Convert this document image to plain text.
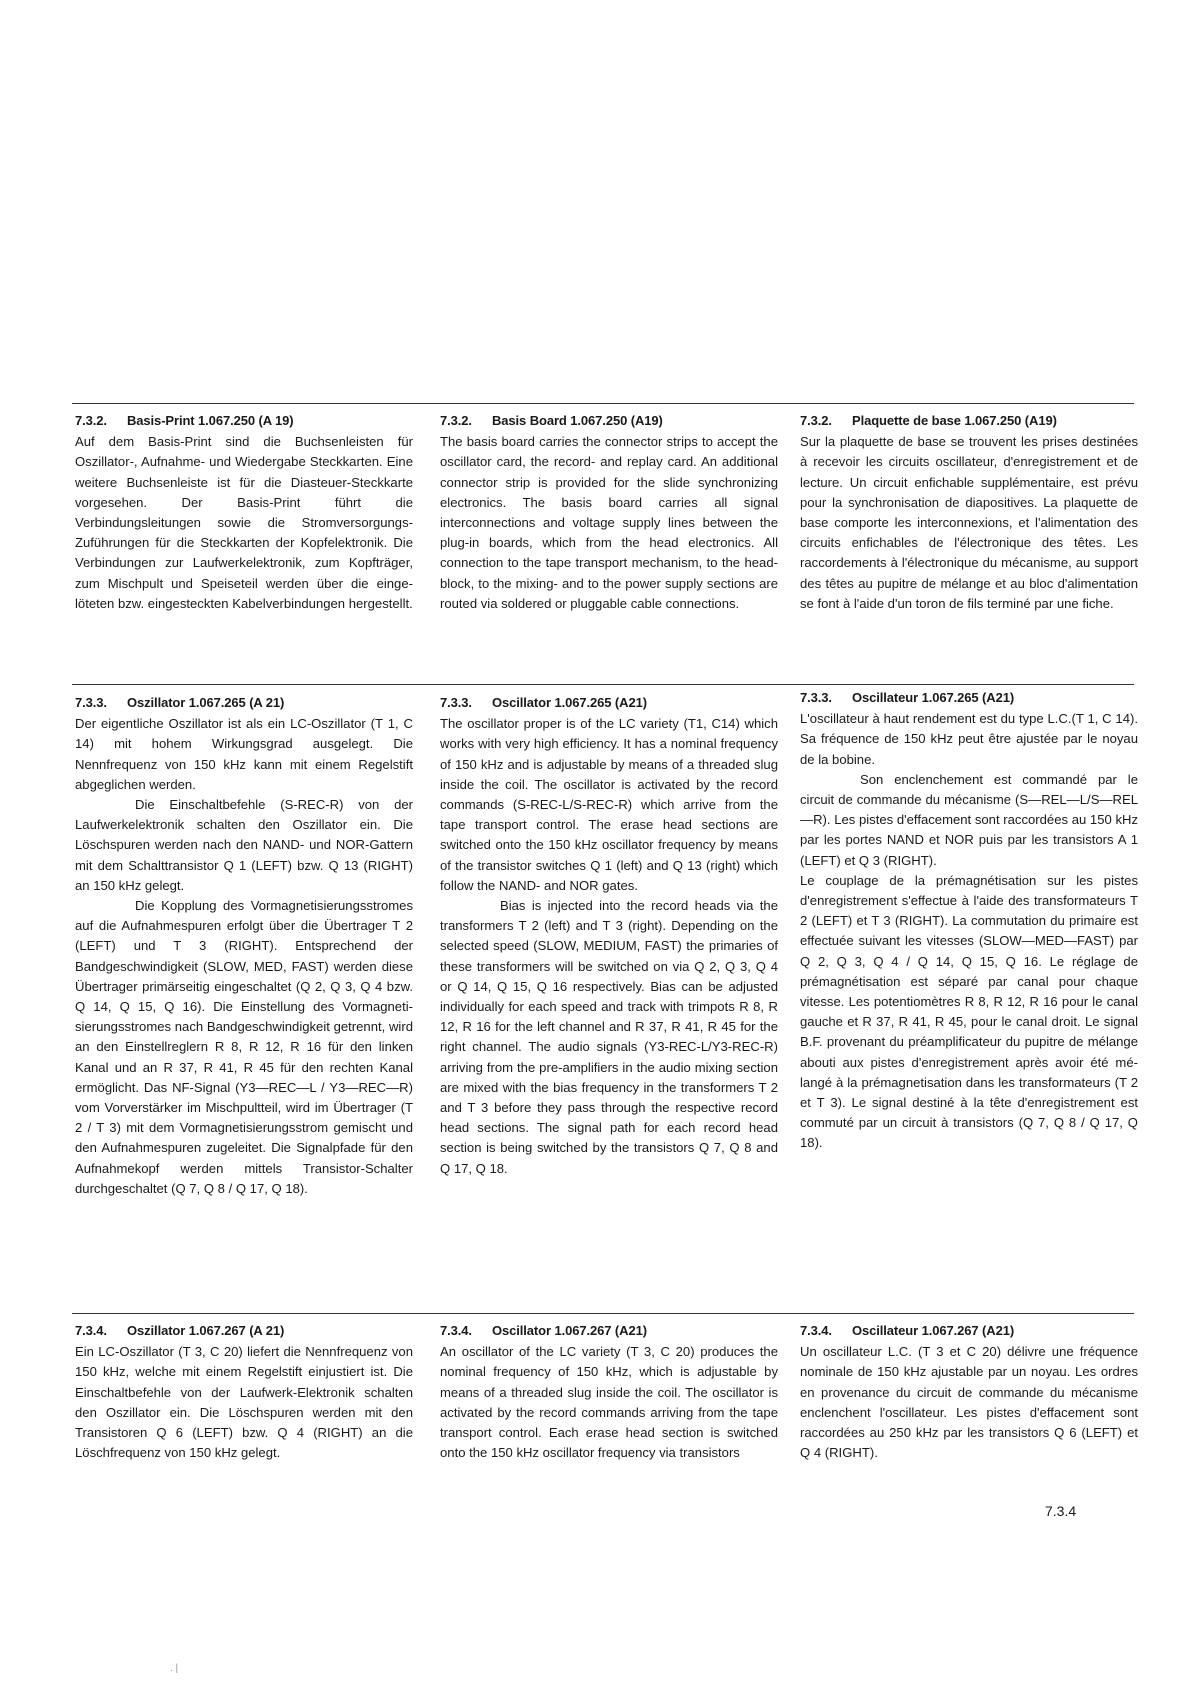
7.3.2. Basis-Print 1.067.250 (A 19)

Auf dem Basis-Print sind die Buchsenleisten für Oszillator-, Aufnahme- und Wiedergabe Steckkarten. Eine weitere Buchsenleiste ist für die Diasteuer-Steckkarte vorgesehen. Der Basis-Print führt die Verbindungsleitungen sowie die Stromversorgungs-Zuführungen für die Steckkarten der Kopfelektronik. Die Verbindungen zur Laufwerkelektronik, zum Kopfträger, zum Mischpult und Speiseteil werden über die eingelöteten bzw. eingesteckten Kabelverbindungen hergestellt.

7.3.2. Basis Board 1.067.250 (A19)

The basis board carries the connector strips to accept the oscillator card, the record- and replay card. An additional connector strip is provided for the slide synchronizing electronics. The basis board carries all signal interconnections and voltage supply lines between the plug-in boards, which from the head electronics. All connection to the tape transport mechanism, to the headblock, to the mixing- and to the power supply sections are routed via soldered or pluggable cable connections.

7.3.2. Plaquette de base 1.067.250 (A19)

Sur la plaquette de base se trouvent les prises destinées à recevoir les circuits oscillateur, d'enregistrement et de lecture. Un circuit enfichable supplémentaire, est prévu pour la synchronisation de diapositives. La plaquette de base comporte les interconnexions, et l'alimentation des circuits enfichables de l'électronique des têtes. Les raccordements à l'électronique du mécanisme, au support des têtes au pupitre de mélange et au bloc d'alimentation se font à l'aide d'un toron de fils terminé par une fiche.

7.3.3. Oszillator 1.067.265 (A 21)

Der eigentliche Oszillator ist als ein LC-Oszillator (T 1, C 14) mit hohem Wirkungsgrad ausgelegt. Die Nennfrequenz von 150 kHz kann mit einem Regelstift abgeglichen werden.

Die Einschaltbefehle (S-REC-R) von der Laufwerkelektronik schalten den Oszillator ein. Die Löschspuren werden nach den NAND- und NOR-Gattern mit dem Schalttransistor Q 1 (LEFT) bzw. Q 13 (RIGHT) an 150 kHz gelegt.

Die Kopplung des Vormagnetisierungsstromes auf die Aufnahmespuren erfolgt über die Übertrager T 2 (LEFT) und T 3 (RIGHT). Entsprechend der Bandgeschwindigkeit (SLOW, MED, FAST) werden diese Übertrager primärseitig eingeschaltet (Q 2, Q 3, Q 4 bzw. Q 14, Q 15, Q 16). Die Einstellung des Vormagnetisierungsstromes nach Bandgeschwindigkeit getrennt, wird an den Einstellreglern R 8, R 12, R 16 für den linken Kanal und an R 37, R 41, R 45 für den rechten Kanal ermöglicht. Das NF-Signal (Y3—REC—L / Y3—REC—R) vom Vorverstärker im Mischpultteil, wird im Übertrager (T 2 / T 3) mit dem Vormagnetisierungsstrom gemischt und den Aufnahmespuren zugeleitet. Die Signalpfade für den Aufnahmekopf werden mittels Transistor-Schalter durchgeschaltet (Q 7, Q 8 / Q 17, Q 18).

7.3.3. Oscillator 1.067.265 (A21)

The oscillator proper is of the LC variety (T1, C14) which works with very high efficiency. It has a nominal frequency of 150 kHz and is adjustable by means of a threaded slug inside the coil. The oscillator is activated by the record commands (S-REC-L/S-REC-R) which arrive from the tape transport control. The erase head sections are switched onto the 150 kHz oscillator frequency by means of the transistor switches Q 1 (left) and Q 13 (right) which follow the NAND- and NOR gates.

Bias is injected into the record heads via the transformers T 2 (left) and T 3 (right). Depending on the selected speed (SLOW, MEDIUM, FAST) the primaries of these transformers will be switched on via Q 2, Q 3, Q 4 or Q 14, Q 15, Q 16 respectively. Bias can be adjusted individually for each speed and track with trimpots R 8, R 12, R 16 for the left channel and R 37, R 41, R 45 for the right channel. The audio signals (Y3-REC-L/Y3-REC-R) arriving from the pre-amplifiers in the audio mixing section are mixed with the bias frequency in the transformers T 2 and T 3 before they pass through the respective record head sections. The signal path for each record head section is being switched by the transistors Q 7, Q 8 and Q 17, Q 18.

7.3.3. Oscillateur 1.067.265 (A21)

L'oscillateur à haut rendement est du type L.C.(T 1, C 14). Sa fréquence de 150 kHz peut être ajustée par le noyau de la bobine.

Son enclenchement est commandé par le circuit de commande du mécanisme (S—REL—L/S—REL—R). Les pistes d'effacement sont raccordées au 150 kHz par les portes NAND et NOR puis par les transistors A 1 (LEFT) et Q 3 (RIGHT).

Le couplage de la prémagnétisation sur les pistes d'enregistrement s'effectue à l'aide des transformateurs T 2 (LEFT) et T 3 (RIGHT). La commutation du primaire est effectuée suivant les vitesses (SLOW—MED—FAST) par Q 2, Q 3, Q 4 / Q 14, Q 15, Q 16. Le réglage de prémagnétisation est séparé par canal pour chaque vitesse. Les potentiomètres R 8, R 12, R 16 pour le canal gauche et R 37, R 41, R 45, pour le canal droit. Le signal B.F. provenant du préamplificateur du pupitre de mélange abouti aux pistes d'enregistrement après avoir été mélangé à la prémagnetisation dans les transformateurs (T 2 et T 3). Le signal destiné à la tête d'enregistrement est commuté par un circuit à transistors (Q 7, Q 8 / Q 17, Q 18).

7.3.4. Oszillator 1.067.267 (A 21)

Ein LC-Oszillator (T 3, C 20) liefert die Nennfrequenz von 150 kHz, welche mit einem Regelstift einjustiert ist. Die Einschaltbefehle von der Laufwerk-Elektronik schalten den Oszillator ein. Die Löschspuren werden mit den Transistoren Q 6 (LEFT) bzw. Q 4 (RIGHT) an die Löschfrequenz von 150 kHz gelegt.

7.3.4. Oscillator 1.067.267 (A21)

An oscillator of the LC variety (T 3, C 20) produces the nominal frequency of 150 kHz, which is adjustable by means of a threaded slug inside the coil. The oscillator is activated by the record commands arriving from the tape transport control. Each erase head section is switched onto the 150 kHz oscillator frequency via transistors

7.3.4. Oscillateur 1.067.267 (A21)

Un oscillateur L.C. (T 3 et C 20) délivre une fréquence nominale de 150 kHz ajustable par un noyau. Les ordres en provenance du circuit de commande du mécanisme enclenchent l'oscillateur. Les pistes d'effacement sont raccordées au 250 kHz par les transistors Q 6 (LEFT) et Q 4 (RIGHT).

7.3.4
. |
